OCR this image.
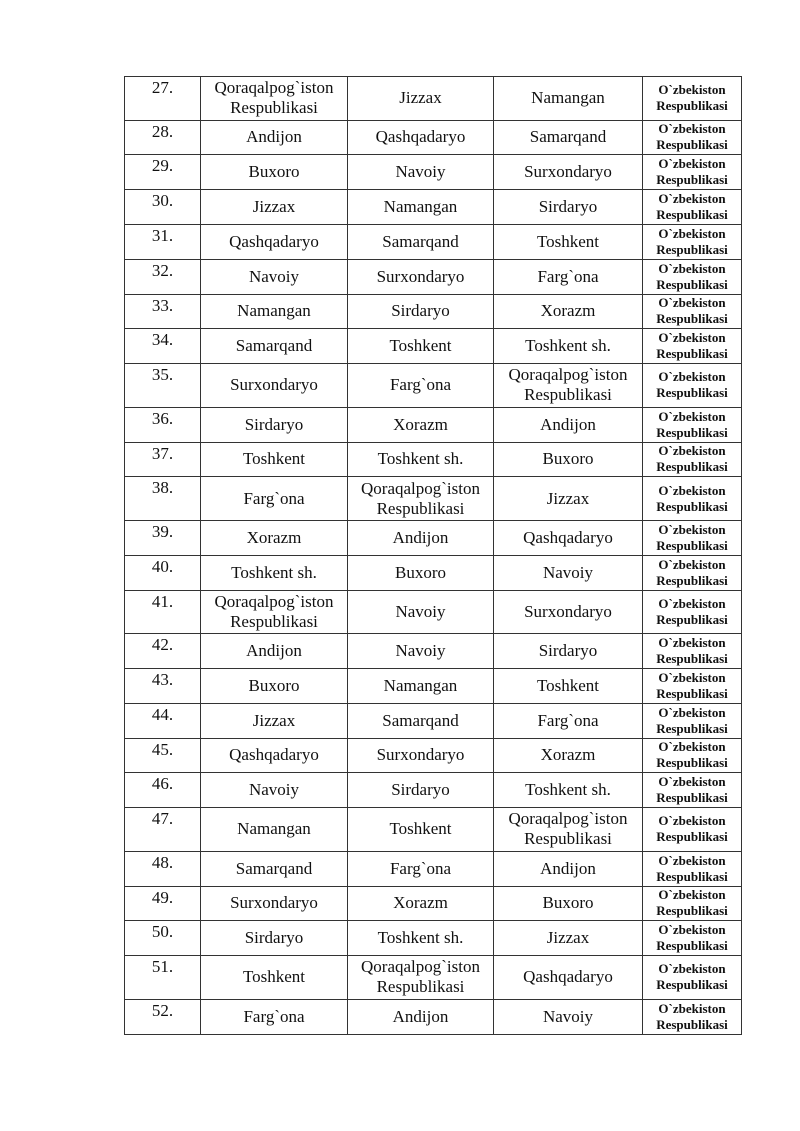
27.	Qoraqalpog`iston Respublikasi	Jizzax	Namangan	O`zbekiston Respublikasi
28.	Andijon	Qashqadaryo	Samarqand	O`zbekiston Respublikasi
29.	Buxoro	Navoiy	Surxondaryo	O`zbekiston Respublikasi
30.	Jizzax	Namangan	Sirdaryo	O`zbekiston Respublikasi
31.	Qashqadaryo	Samarqand	Toshkent	O`zbekiston Respublikasi
32.	Navoiy	Surxondaryo	Farg`ona	O`zbekiston Respublikasi
33.	Namangan	Sirdaryo	Xorazm	O`zbekiston Respublikasi
34.	Samarqand	Toshkent	Toshkent sh.	O`zbekiston Respublikasi
35.	Surxondaryo	Farg`ona	Qoraqalpog`iston Respublikasi	O`zbekiston Respublikasi
36.	Sirdaryo	Xorazm	Andijon	O`zbekiston Respublikasi
37.	Toshkent	Toshkent sh.	Buxoro	O`zbekiston Respublikasi
38.	Farg`ona	Qoraqalpog`iston Respublikasi	Jizzax	O`zbekiston Respublikasi
39.	Xorazm	Andijon	Qashqadaryo	O`zbekiston Respublikasi
40.	Toshkent sh.	Buxoro	Navoiy	O`zbekiston Respublikasi
41.	Qoraqalpog`iston Respublikasi	Navoiy	Surxondaryo	O`zbekiston Respublikasi
42.	Andijon	Navoiy	Sirdaryo	O`zbekiston Respublikasi
43.	Buxoro	Namangan	Toshkent	O`zbekiston Respublikasi
44.	Jizzax	Samarqand	Farg`ona	O`zbekiston Respublikasi
45.	Qashqadaryo	Surxondaryo	Xorazm	O`zbekiston Respublikasi
46.	Navoiy	Sirdaryo	Toshkent sh.	O`zbekiston Respublikasi
47.	Namangan	Toshkent	Qoraqalpog`iston Respublikasi	O`zbekiston Respublikasi
48.	Samarqand	Farg`ona	Andijon	O`zbekiston Respublikasi
49.	Surxondaryo	Xorazm	Buxoro	O`zbekiston Respublikasi
50.	Sirdaryo	Toshkent sh.	Jizzax	O`zbekiston Respublikasi
51.	Toshkent	Qoraqalpog`iston Respublikasi	Qashqadaryo	O`zbekiston Respublikasi
52.	Farg`ona	Andijon	Navoiy	O`zbekiston Respublikasi
